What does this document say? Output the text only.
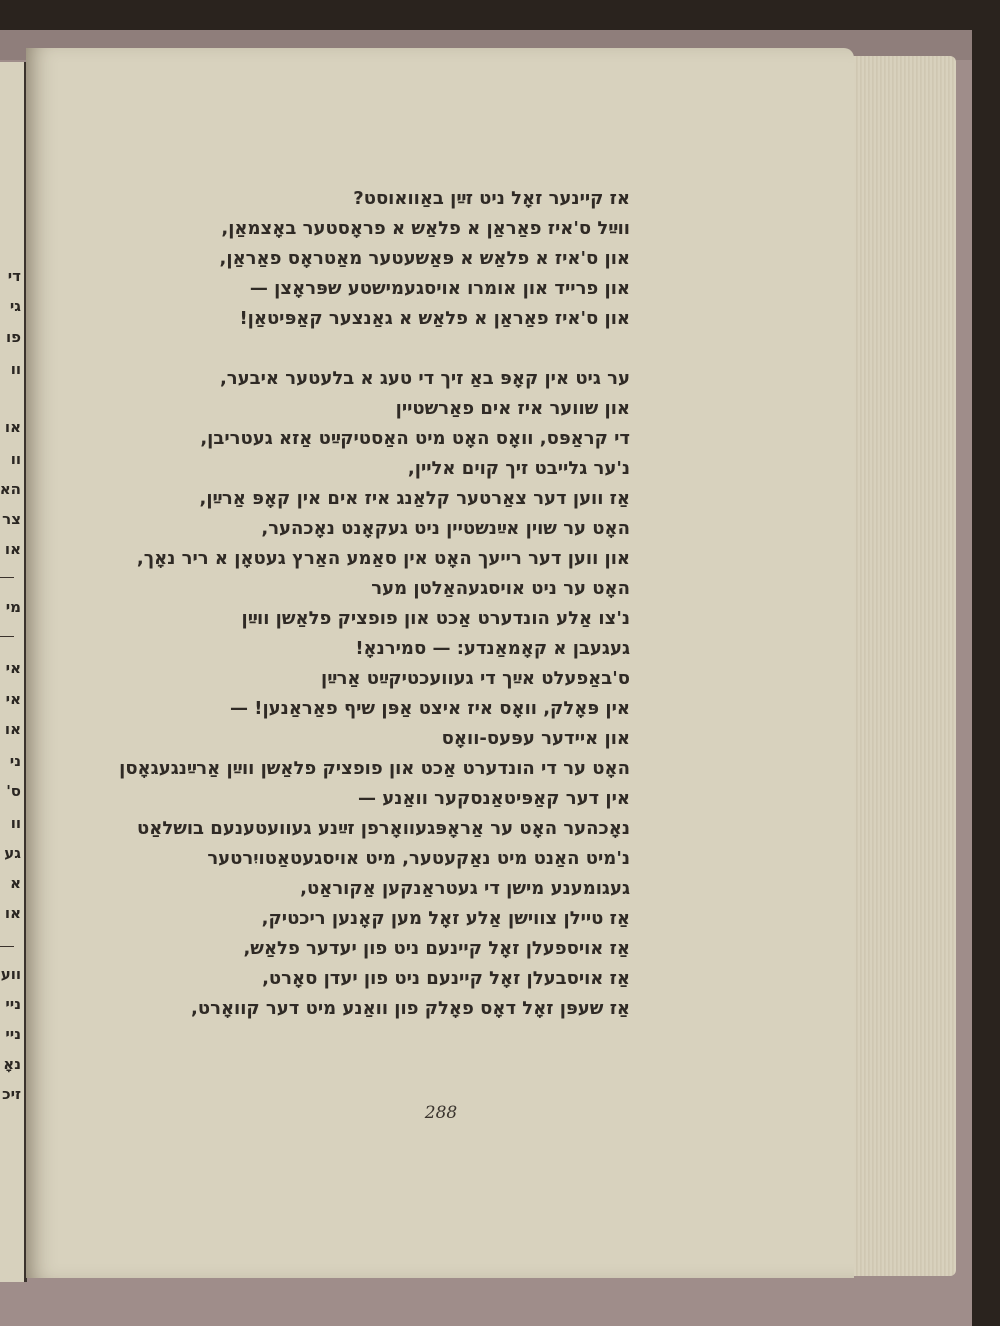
די
גי
פו
וו
או
וו
הא
צר
או
מי
אי
אי
או
ני
ס'
וו
גע
א
או
ווע
ניי
ניי
נאָ
זיכ
אז קיינער זאָל ניט זײַן באַוואוסט?
ווײַל ס'איז פאַראַן א פלאַש א פראָסטער באָצמאַן,
און ס'איז א פלאַש א פּאַשעטער מאַטראָס פאַראַן,
און פרייד און אומרו אויסגעמישטע שפּראָצן —
און ס'איז פאַראַן א פלאַש א גאַנצער קאַפּיטאַן!
ער גיט אין קאָפּ באַ זיך די טעג א בלעטער איבער,
און שווער איז אים פאַרשטיין
די קראַפּס, וואָס האָט מיט האַסטיקײַט אַזא געטריבן,
נ'ער גלייבט זיך קוים אליין,
אַז ווען דער צאַרטער קלאַנג איז אים אין קאָפּ אַרײַן,
האָט ער שוין אײַנשטיין ניט געקאָנט נאָכהער,
און ווען דער רייעך האָט אין סאַמע האַרץ געטאָן א ריר נאָך,
האָט ער ניט אויסגעהאַלטן מער
נ'צו אַלע הונדערט אַכט און פופציק פלאַשן ווײַן
געגעבן א קאָמאַנדע: — סמירנאָ!
ס'באַפעלט אײַך די געוועכטיקײַט אַרײַן
אין פּאָלק, וואָס איז איצט אַפּן שיף פאַראַנען! —
און איידער עפּעס-וואָס
האָט ער די הונדערט אַכט און פופציק פלאַשן ווײַן אַרײַנגעגאָסן
אין דער קאַפּיטאַנסקער וואַנע —
נאָכהער האָט ער אַראָפּגעוואָרפן זײַנע געוועטענעם בושלאַט
נ'מיט האַנט מיט נאַקעטער, מיט אויסגעטאַטויִרטער
געגומענע מישן די געטראַנקען אַקוראַט,
אַז טיילן צווישן אַלע זאָל מען קאָנען ריכטיק,
אַז אויספעלן זאָל קיינעם ניט פון יעדער פלאַש,
אַז אויסבעלן זאָל קיינעם ניט פון יעדן סאָרט,
אַז שעפּן זאָל דאָס פאָלק פון וואַנע מיט דער קוואָרט,
288
